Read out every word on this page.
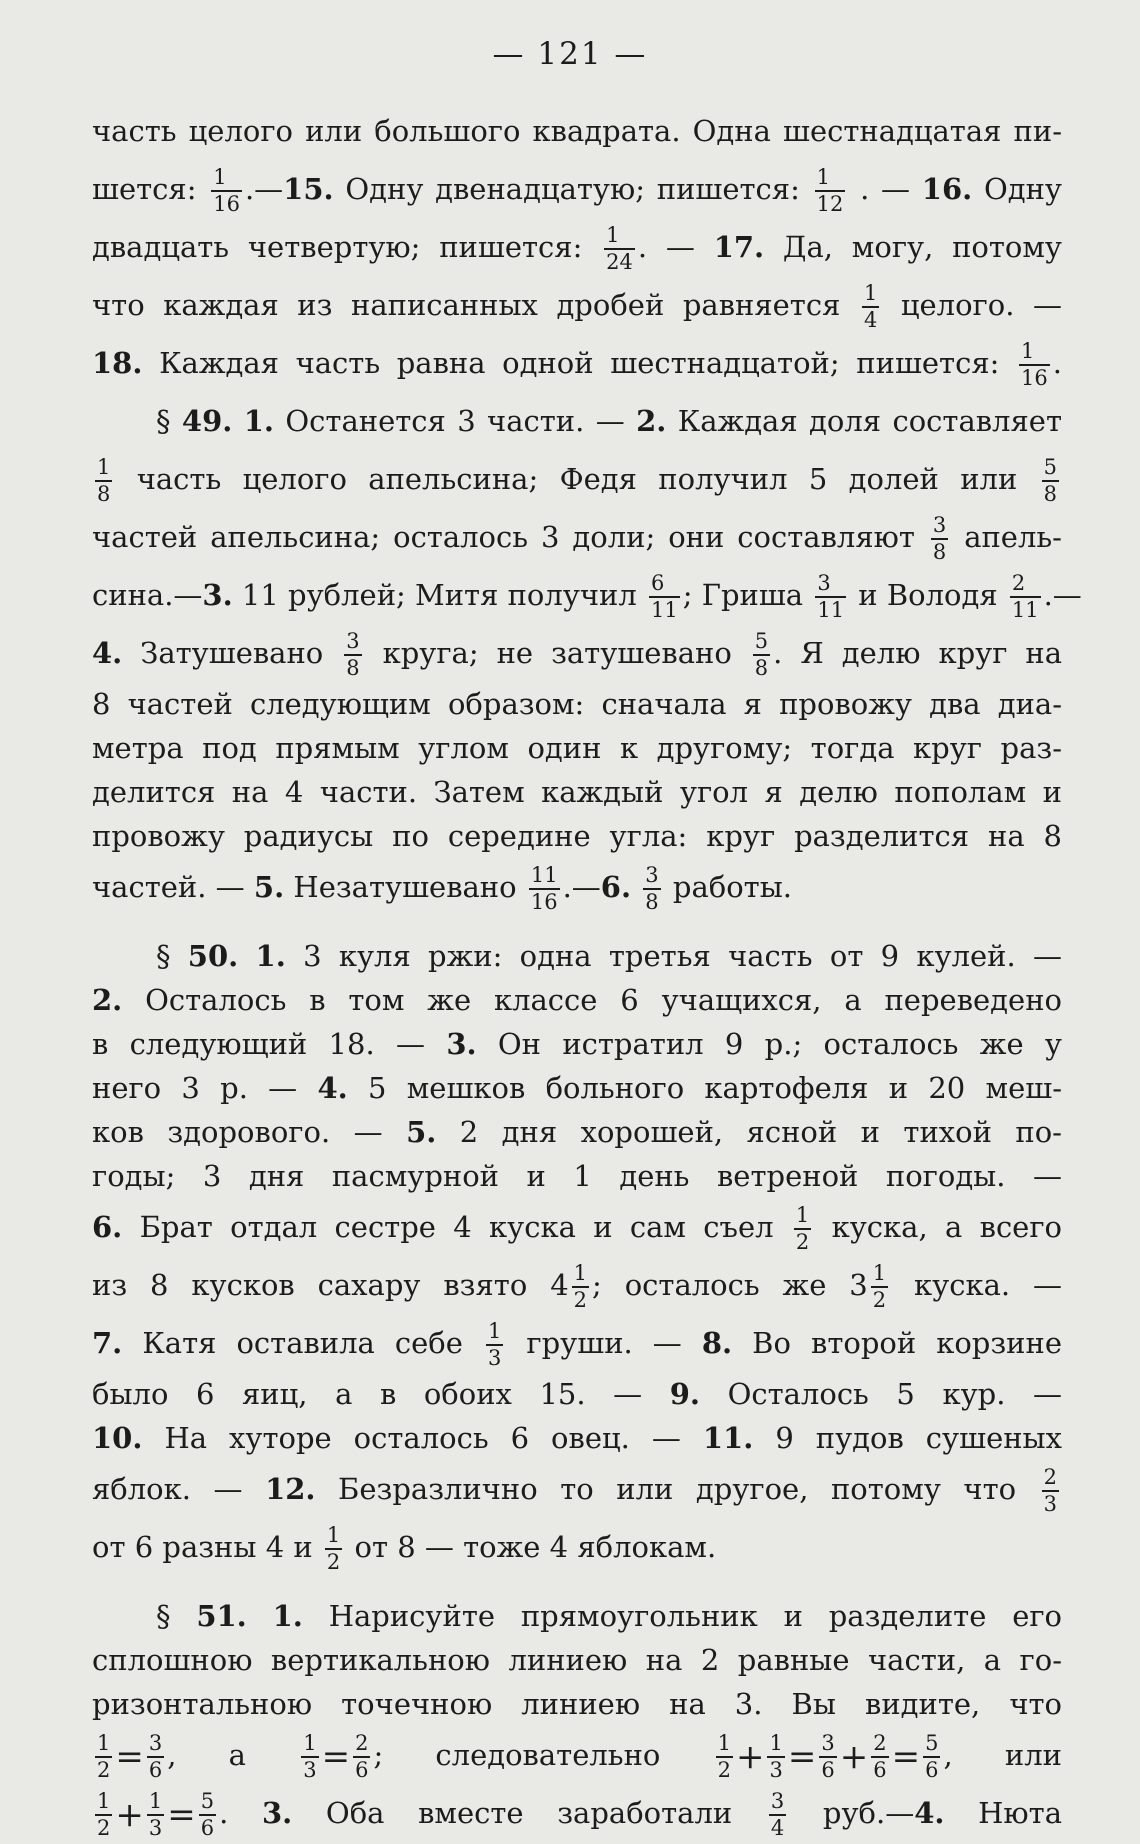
— 121 —
часть целого или большого квадрата. Одна шестнадцатая пи-
шется: $\frac{1}{16}$ .—15. Одну двенадцатую; пишется: $\frac{1}{12}$ . — 16. Одну
двадцать четвертую; пишется: $\frac{1}{24}$ . — 17. Да, могу, потому
что каждая из написанных дробей равняется $\frac{1}{4}$ целого. —
18. Каждая часть равна одной шестнадцатой; пишется: $\frac{1}{16}$ .
§ 49. 1. Останется 3 части. — 2. Каждая доля составляет
$\frac{1}{8}$ часть целого апельсина; Федя получил 5 долей или $\frac{5}{8}$
частей апельсина; осталось 3 доли; они составляют $\frac{3}{8}$ апель-
сина.—3. 11 рублей; Митя получил $\frac{6}{11}$ ; Гриша $\frac{3}{11}$ и Володя $\frac{2}{11}$ .—
4. Затушевано $\frac{3}{8}$ круга; не затушевано $\frac{5}{8}$ . Я делю круг на
8 частей следующим образом: сначала я провожу два диа-
метра под прямым углом один к другому; тогда круг раз-
делится на 4 части. Затем каждый угол я делю пополам и
провожу радиусы по середине угла: круг разделится на 8
частей. — 5. Незатушевано $\frac{11}{16}$ .—6. $\frac{3}{8}$ работы.
§ 50. 1. 3 куля ржи: одна третья часть от 9 кулей. —
2. Осталось в том же классе 6 учащихся, а переведено
в следующий 18. — 3. Он истратил 9 р.; осталось же у
него 3 р. — 4. 5 мешков больного картофеля и 20 меш-
ков здорового. — 5. 2 дня хорошей, ясной и тихой по-
годы; 3 дня пасмурной и 1 день ветреной погоды. —
6. Брат отдал сестре 4 куска и сам съел $\frac{1}{2}$ куска, а всего
из 8 кусков сахару взято $4 \frac{1}{2}$ ; осталось же $3 \frac{1}{2}$ куска. —
7. Катя оставила себе $\frac{1}{3}$ груши. — 8. Во второй корзине
было 6 яиц, а в обоих 15. — 9. Осталось 5 кур. —
10. На хуторе осталось 6 овец. — 11. 9 пудов сушеных
яблок. — 12. Безразлично то или другое, потому что $\frac{2}{3}$
от 6 разны 4 и $\frac{1}{2}$ от 8 — тоже 4 яблокам.
§ 51. 1. Нарисуйте прямоугольник и разделите его
сплошною вертикальною линиею на 2 равные части, а го-
ризонтальною точечною линиею на 3. Вы видите, что
$\frac{1}{2} = \frac{3}{6}$ , а $\frac{1}{3} = \frac{2}{6}$ ; следовательно $\frac{1}{2} + \frac{1}{3} = \frac{3}{6} + \frac{2}{6} = \frac{5}{6}$ , или
$\frac{1}{2} + \frac{1}{3} = \frac{5}{6}$ . 3. Оба вместе заработали $\frac{3}{4}$ руб.—4. Нюта
